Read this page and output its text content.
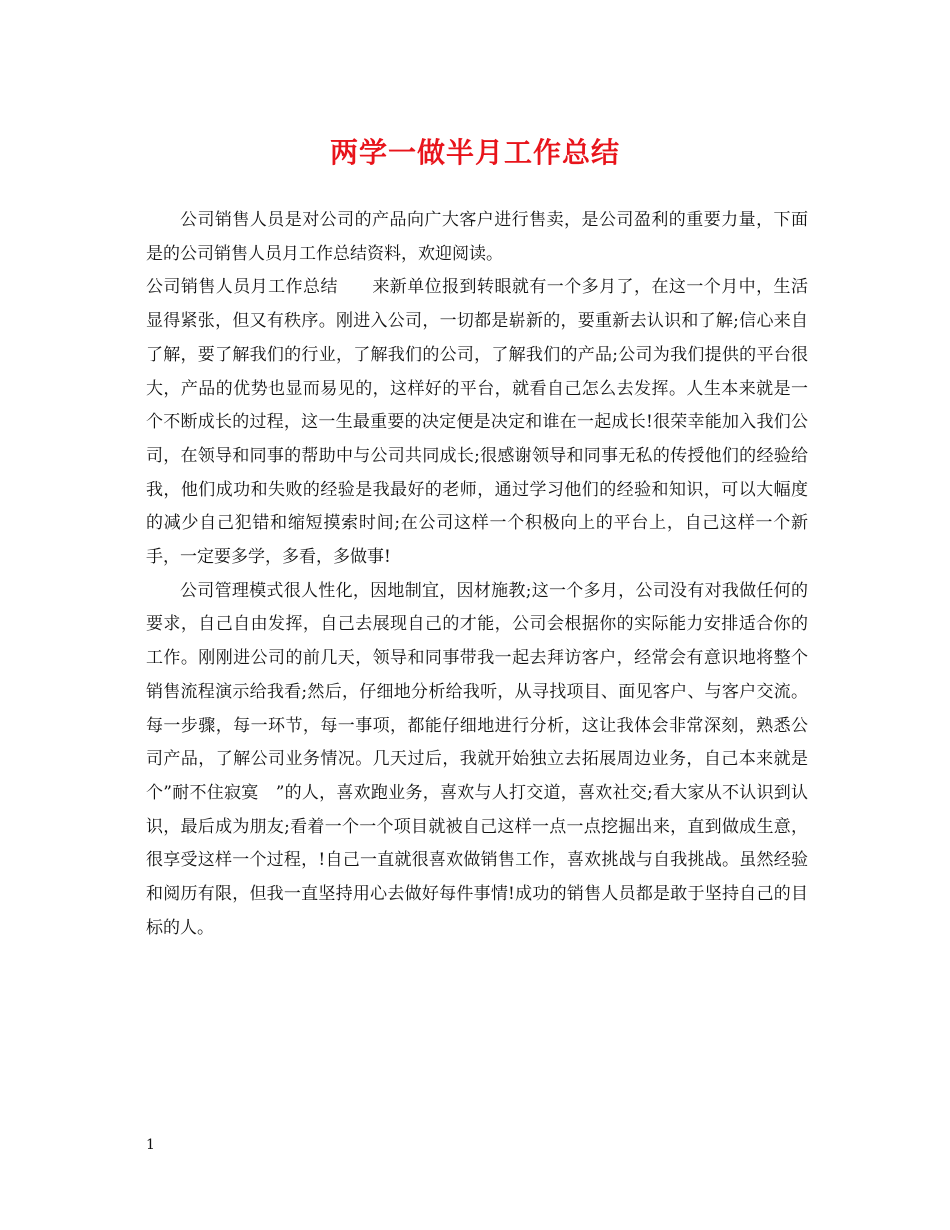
两学一做半月工作总结

公司销售人员是对公司的产品向广大客户进行售卖，是公司盈利的重要力量，下面是的公司销售人员月工作总结资料，欢迎阅读。

公司销售人员月工作总结 来新单位报到转眼就有一个多月了，在这一个月中，生活显得紧张，但又有秩序。刚进入公司，一切都是崭新的，要重新去认识和了解;信心来自了解，要了解我们的行业，了解我们的公司，了解我们的产品;公司为我们提供的平台很大，产品的优势也显而易见的，这样好的平台，就看自己怎么去发挥。人生本来就是一个不断成长的过程，这一生最重要的决定便是决定和谁在一起成长!很荣幸能加入我们公司，在领导和同事的帮助中与公司共同成长;很感谢领导和同事无私的传授他们的经验给我，他们成功和失败的经验是我最好的老师，通过学习他们的经验和知识，可以大幅度的减少自己犯错和缩短摸索时间;在公司这样一个积极向上的平台上，自己这样一个新手，一定要多学，多看，多做事!

公司管理模式很人性化，因地制宜，因材施教;这一个多月，公司没有对我做任何的要求，自己自由发挥，自己去展现自己的才能，公司会根据你的实际能力安排适合你的工作。刚刚进公司的前几天，领导和同事带我一起去拜访客户，经常会有意识地将整个销售流程演示给我看;然后，仔细地分析给我听，从寻找项目、面见客户、与客户交流。每一步骤，每一环节，每一事项，都能仔细地进行分析，这让我体会非常深刻，熟悉公司产品，了解公司业务情况。几天过后，我就开始独立去拓展周边业务，自己本来就是个”耐不住寂寞　”的人，喜欢跑业务，喜欢与人打交道，喜欢社交;看大家从不认识到认识，最后成为朋友;看着一个一个项目就被自己这样一点一点挖掘出来，直到做成生意，很享受这样一个过程，!自己一直就很喜欢做销售工作，喜欢挑战与自我挑战。虽然经验和阅历有限，但我一直坚持用心去做好每件事情!成功的销售人员都是敢于坚持自己的目标的人。

1
